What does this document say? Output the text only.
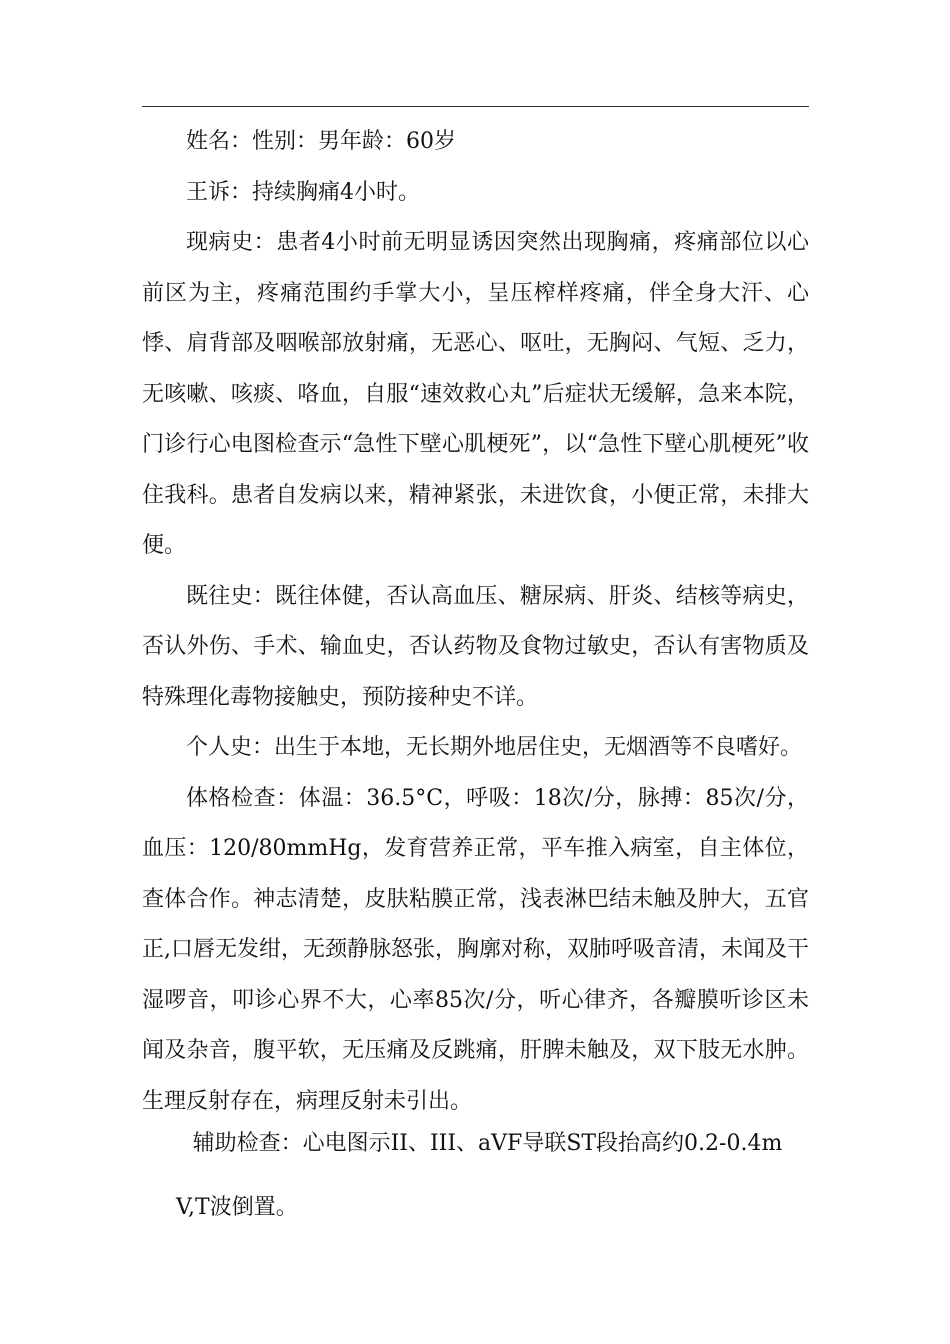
姓名：性别：男年龄：60岁

王诉：持续胸痛4小时。

现病史：患者4小时前无明显诱因突然出现胸痛，疼痛部位以心前区为主，疼痛范围约手掌大小，呈压榨样疼痛，伴全身大汗、心悸、肩背部及咽喉部放射痛，无恶心、呕吐，无胸闷、气短、乏力，无咳嗽、咳痰、咯血，自服“速效救心丸”后症状无缓解，急来本院，门诊行心电图检查示“急性下壁心肌梗死”，以“急性下壁心肌梗死”收住我科。患者自发病以来，精神紧张，未进饮食，小便正常，未排大便。

既往史：既往体健，否认高血压、糖尿病、肝炎、结核等病史，否认外伤、手术、输血史，否认药物及食物过敏史，否认有害物质及特殊理化毒物接触史，预防接种史不详。

个人史：出生于本地，无长期外地居住史，无烟酒等不良嗜好。

体格检查：体温：36.5°C，呼吸：18次/分，脉搏：85次/分，血压：120/80mmHg，发育营养正常，平车推入病室，自主体位，查体合作。神志清楚，皮肤粘膜正常，浅表淋巴结未触及肿大，五官正,口唇无发绀，无颈静脉怒张，胸廓对称，双肺呼吸音清，未闻及干湿啰音，叩诊心界不大，心率85次/分，听心律齐，各瓣膜听诊区未闻及杂音，腹平软，无压痛及反跳痛，肝脾未触及，双下肢无水肿。生理反射存在，病理反射未引出。

辅助检查：心电图示II、III、aVF导联ST段抬高约0.2-0.4m
V,T波倒置。
